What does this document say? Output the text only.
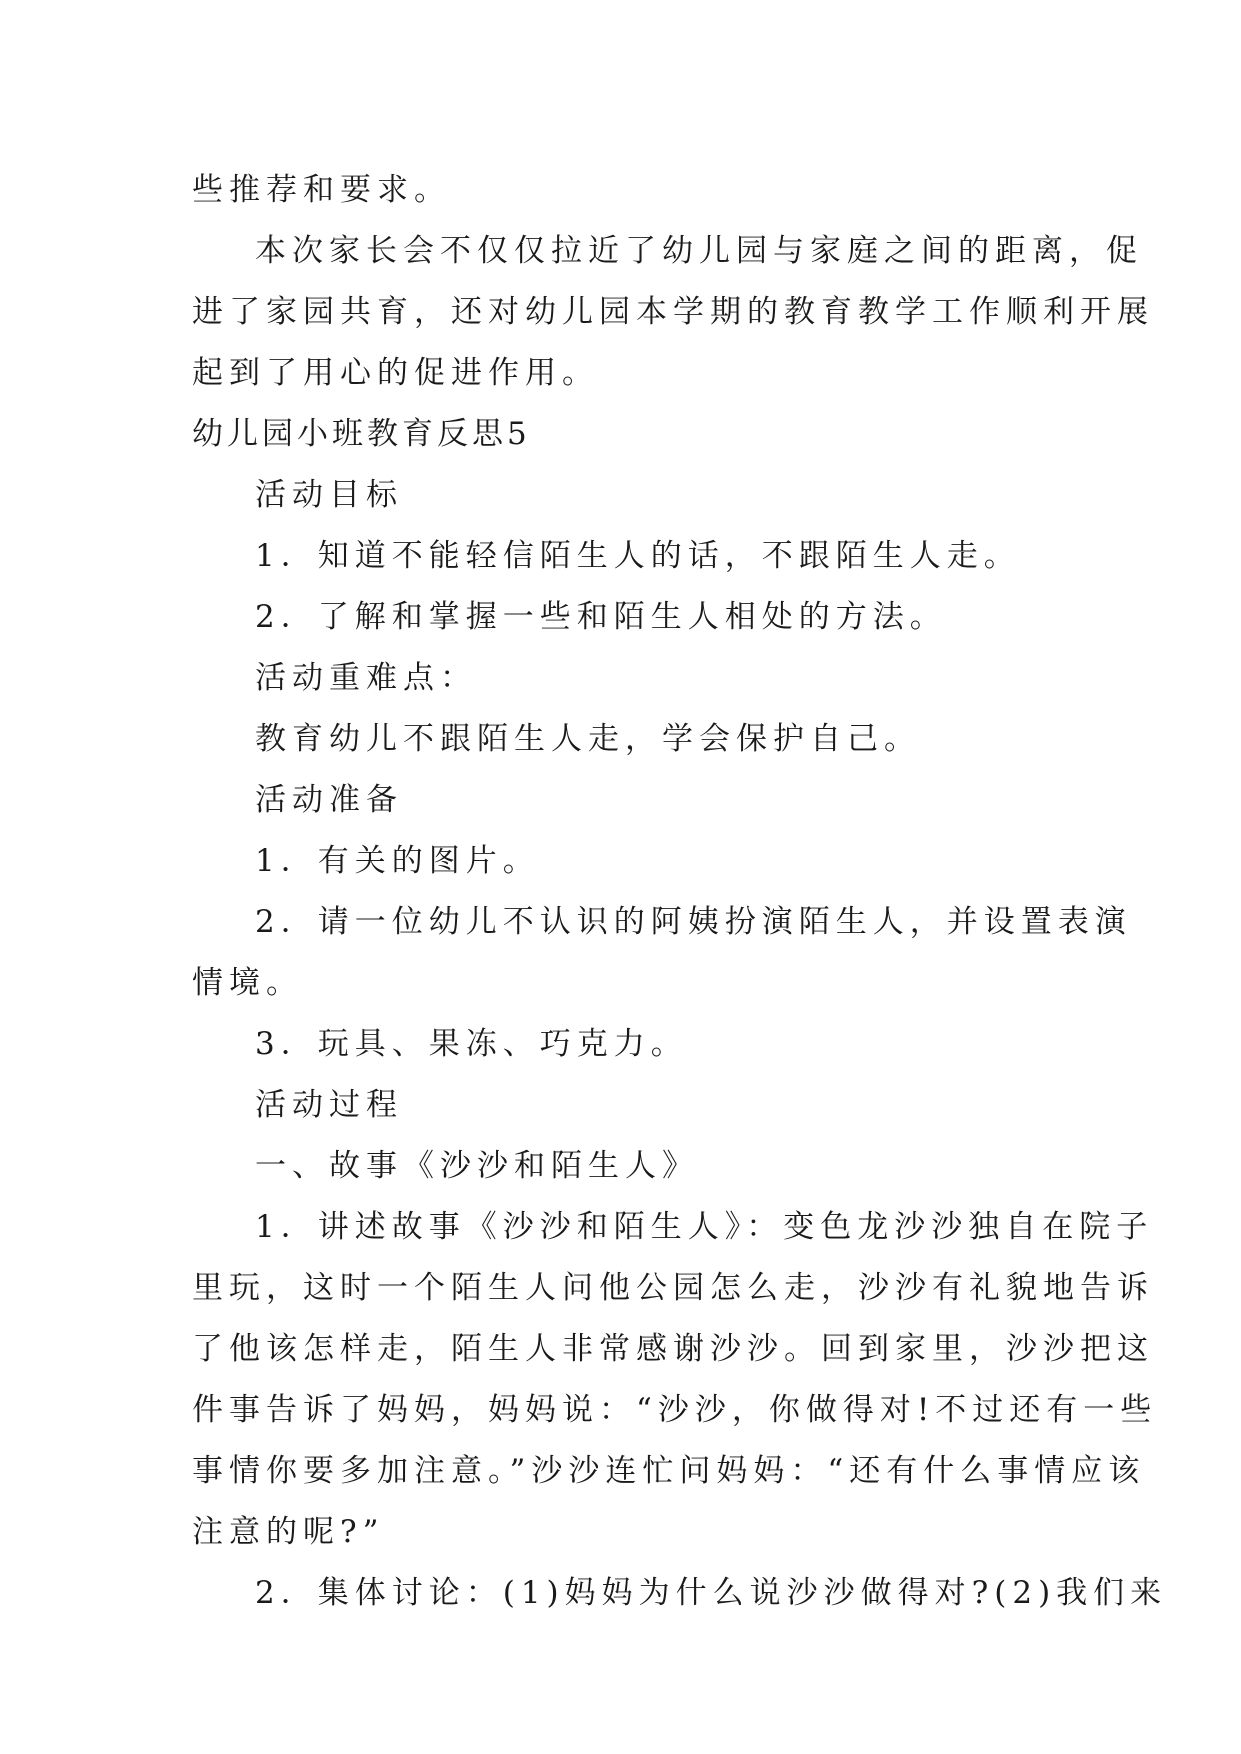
些推荐和要求。
本次家长会不仅仅拉近了幼儿园与家庭之间的距离，促
进了家园共育，还对幼儿园本学期的教育教学工作顺利开展
起到了用心的促进作用。
幼儿园小班教育反思5
活动目标
1．知道不能轻信陌生人的话，不跟陌生人走。
2．了解和掌握一些和陌生人相处的方法。
活动重难点：
教育幼儿不跟陌生人走，学会保护自己。
活动准备
1．有关的图片。
2．请一位幼儿不认识的阿姨扮演陌生人，并设置表演
情境。
3．玩具、果冻、巧克力。
活动过程
一、故事《沙沙和陌生人》
1．讲述故事《沙沙和陌生人》：变色龙沙沙独自在院子
里玩，这时一个陌生人问他公园怎么走，沙沙有礼貌地告诉
了他该怎样走，陌生人非常感谢沙沙。回到家里，沙沙把这
件事告诉了妈妈，妈妈说：“沙沙，你做得对!不过还有一些
事情你要多加注意。”沙沙连忙问妈妈：“还有什么事情应该
注意的呢?”
2．集体讨论：(1)妈妈为什么说沙沙做得对?(2)我们来
